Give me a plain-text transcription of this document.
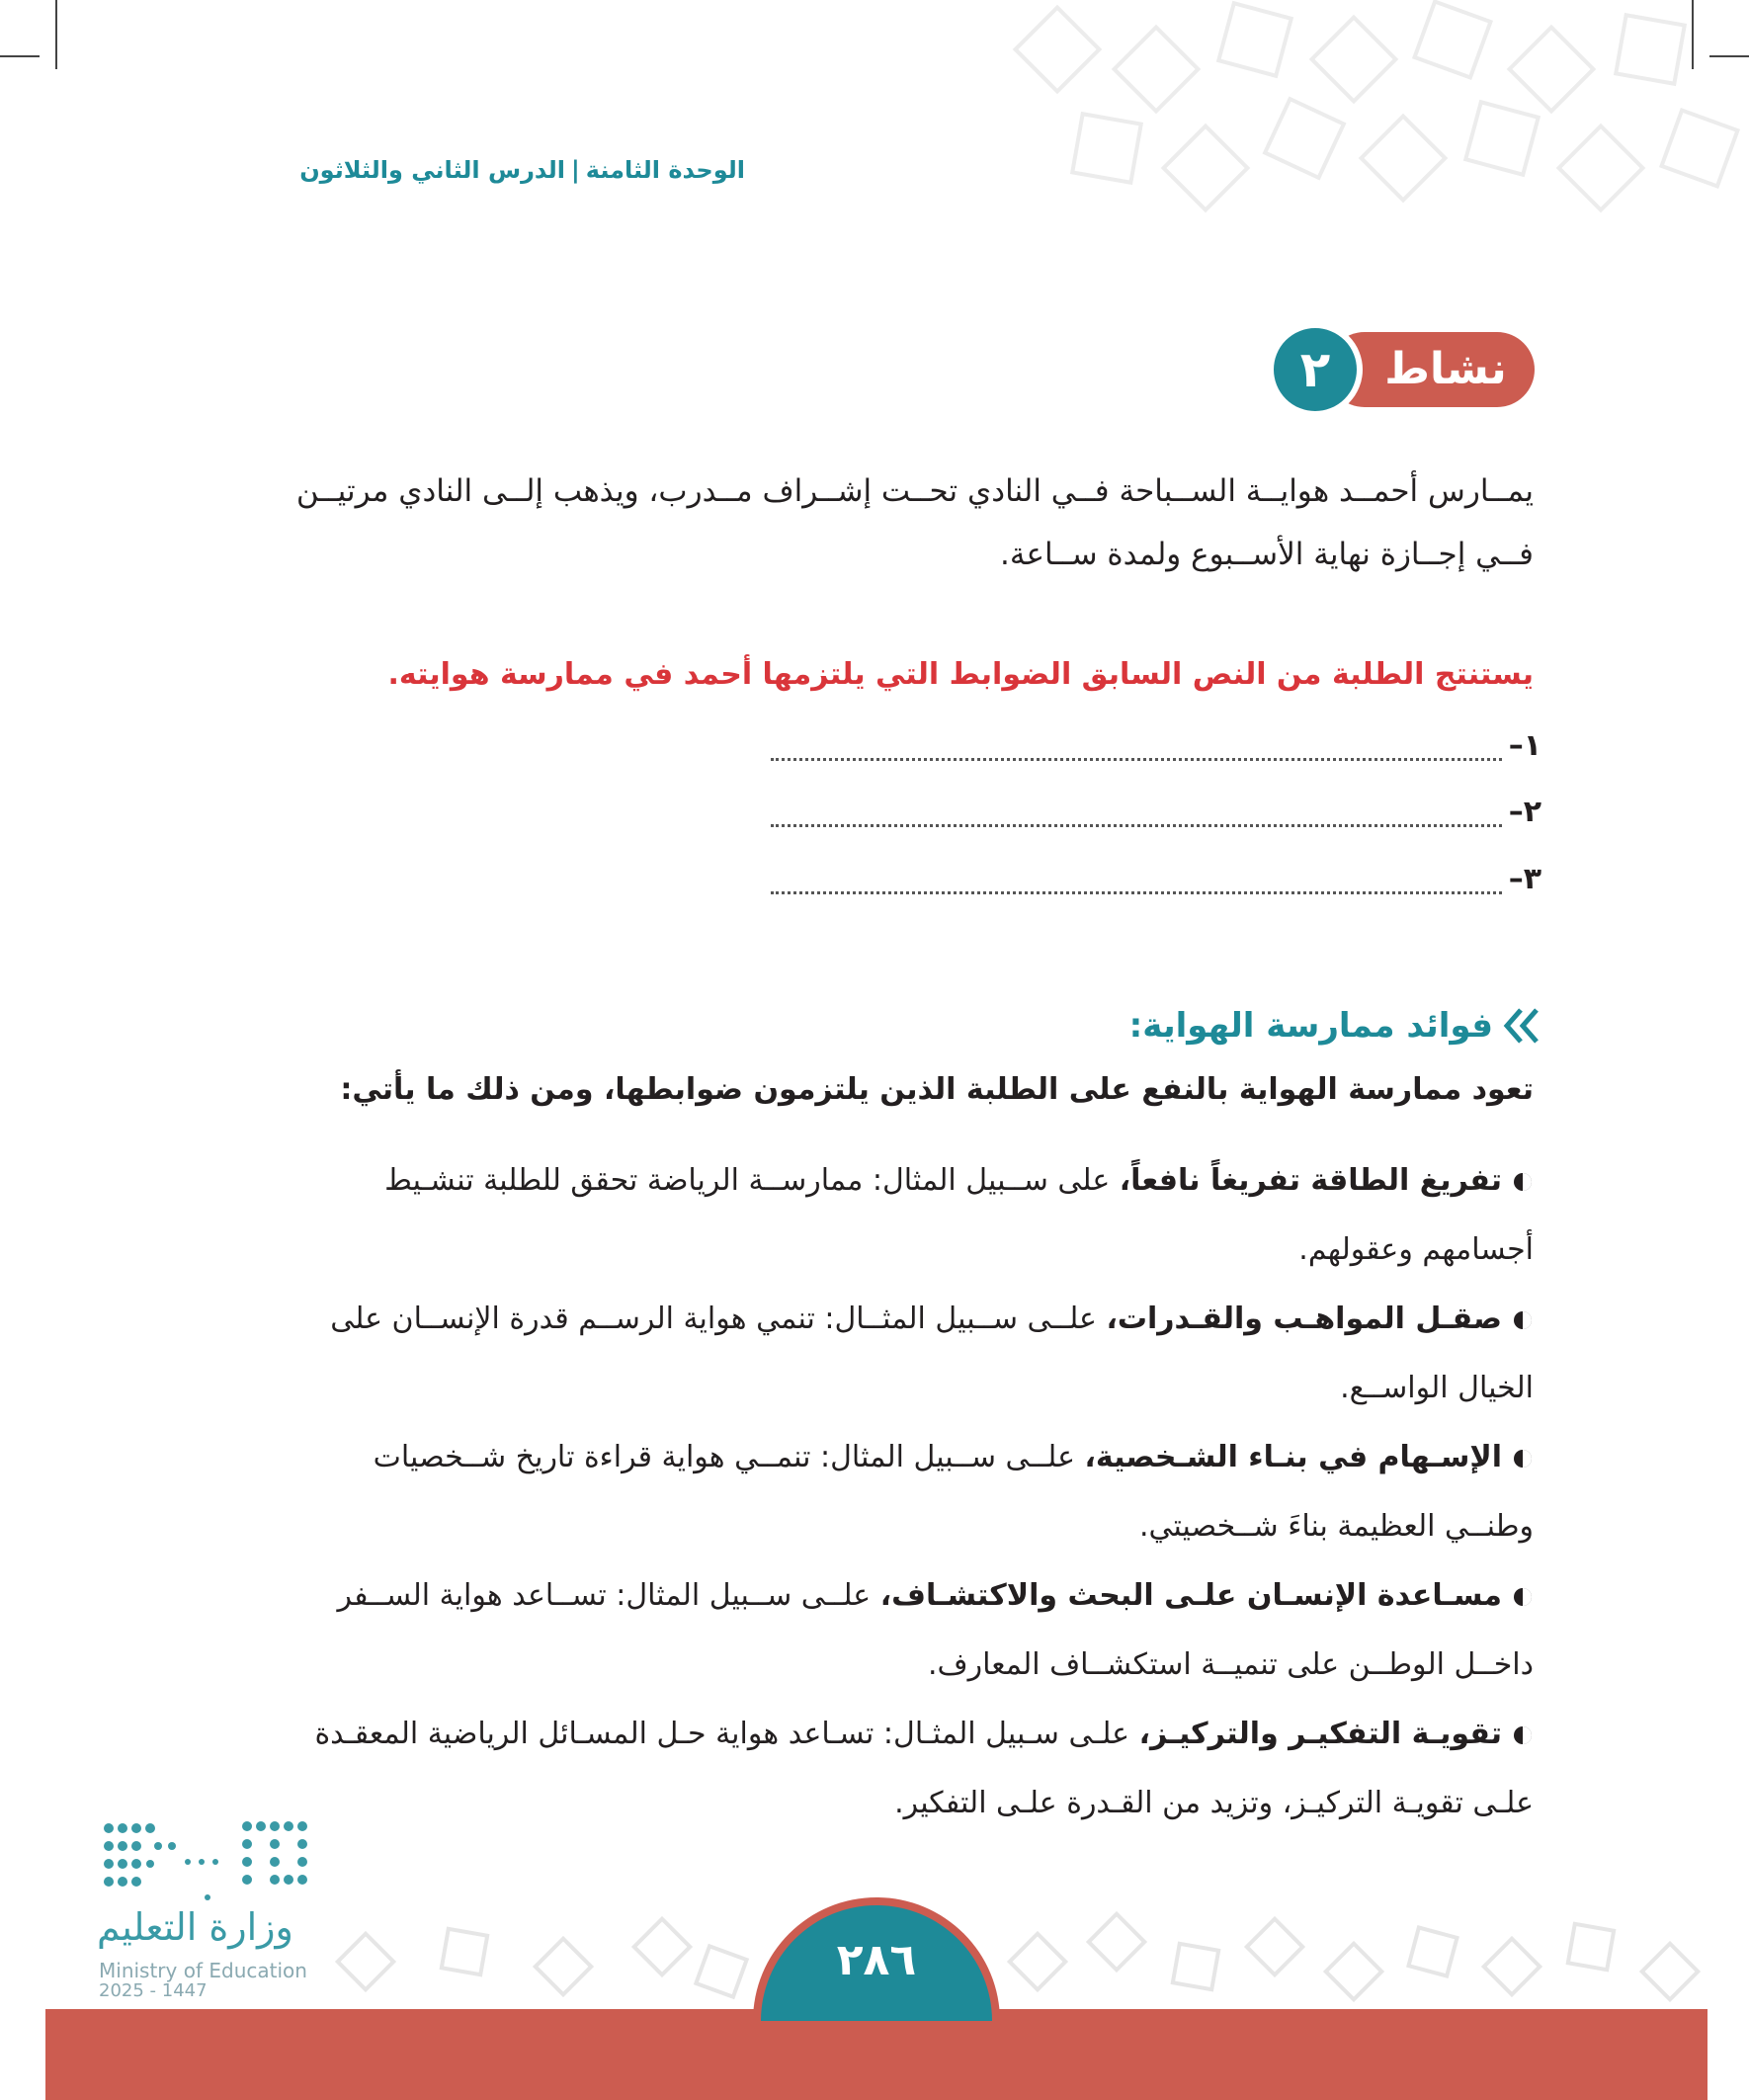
الوحدة الثامنة|الدرس الثاني والثلاثون
نشاط
٢
يمــارس أحمــد هوايــة الســباحة فــي النادي تحــت إشــراف مــدرب، ويذهب إلــى النادي مرتيــن فــي إجــازة نهاية الأســبوع ولمدة ســاعة.
يستنتج الطلبة من النص السابق الضوابط التي يلتزمها أحمد في ممارسة هوايته.
١–
٢–
٣–
فوائد ممارسة الهواية:
تعود ممارسة الهواية بالنفع على الطلبة الذين يلتزمون ضوابطها، ومن ذلك ما يأتي:
تفريغ الطاقة تفريغاً نافعاً، على ســبيل المثال: ممارســة الرياضة تحقق للطلبة تنشـيط أجسامهم وعقولهم.
صقـل المواهـب والقـدرات، علــى ســبيل المثــال: تنمي هواية الرســم قدرة الإنســان على الخيال الواســع.
الإسـهام في بنـاء الشـخصية، علــى ســبيل المثال: تنمــي هواية قراءة تاريخ شــخصيات وطنــي العظيمة بناءَ شــخصيتي.
مسـاعدة الإنسـان علـى البحث والاكتشـاف، علــى ســبيل المثال: تســاعد هواية الســفر داخــل الوطــن على تنميــة استكشــاف المعارف.
تقويـة التفكيـر والتركيـز، علـى سـبيل المثـال: تسـاعد هواية حـل المسـائل الرياضية المعقـدة علـى تقويـة التركيـز، وتزيد من القـدرة علـى التفكير.
وزارة التعليم
Ministry of Education
2025 - 1447
٢٨٦
